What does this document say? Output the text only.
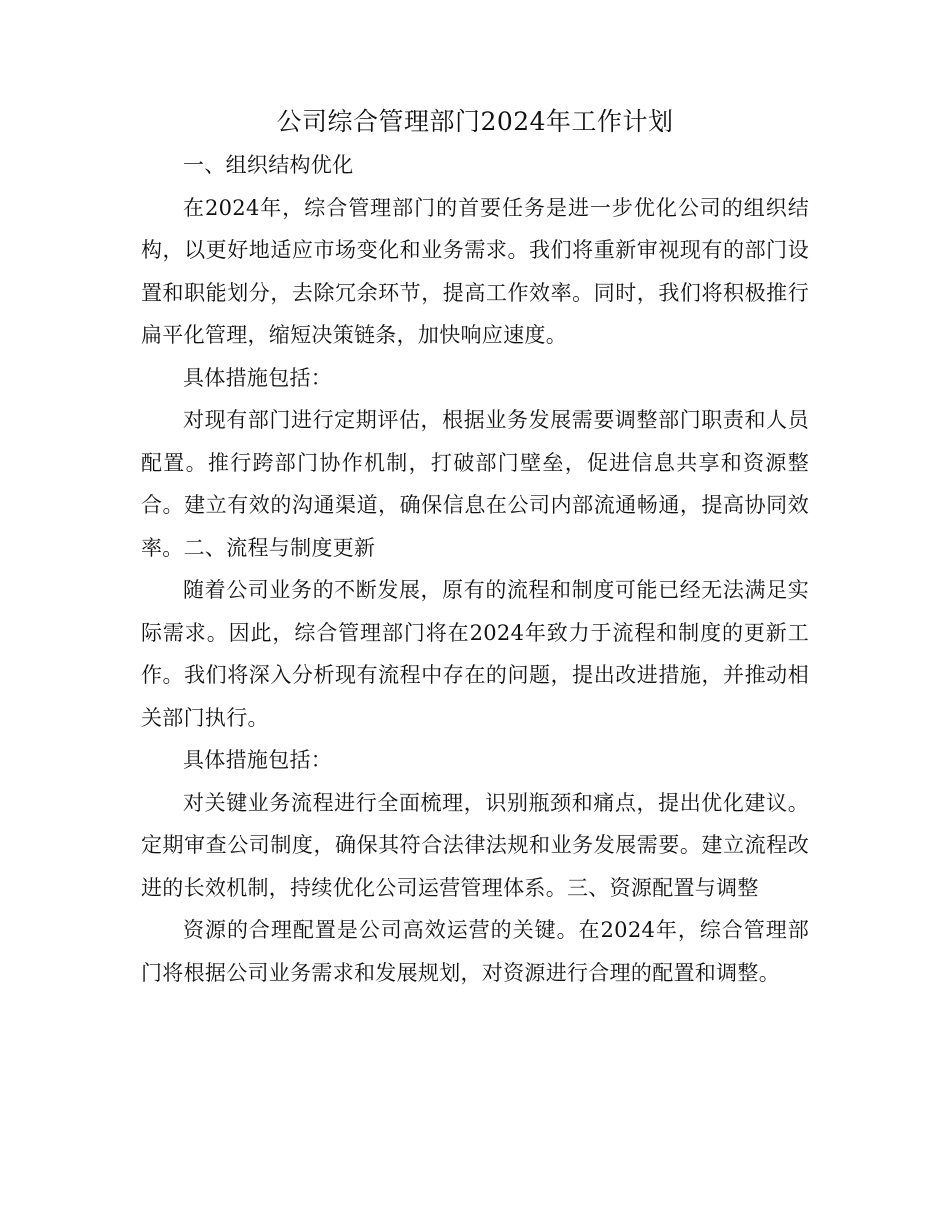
公司综合管理部门2024年工作计划

一、组织结构优化

在2024年，综合管理部门的首要任务是进一步优化公司的组织结构，以更好地适应市场变化和业务需求。我们将重新审视现有的部门设置和职能划分，去除冗余环节，提高工作效率。同时，我们将积极推行扁平化管理，缩短决策链条，加快响应速度。

具体措施包括：

对现有部门进行定期评估，根据业务发展需要调整部门职责和人员配置。推行跨部门协作机制，打破部门壁垒，促进信息共享和资源整合。建立有效的沟通渠道，确保信息在公司内部流通畅通，提高协同效率。二、流程与制度更新

随着公司业务的不断发展，原有的流程和制度可能已经无法满足实际需求。因此，综合管理部门将在2024年致力于流程和制度的更新工作。我们将深入分析现有流程中存在的问题，提出改进措施，并推动相关部门执行。

具体措施包括：

对关键业务流程进行全面梳理，识别瓶颈和痛点，提出优化建议。定期审查公司制度，确保其符合法律法规和业务发展需要。建立流程改进的长效机制，持续优化公司运营管理体系。三、资源配置与调整

资源的合理配置是公司高效运营的关键。在2024年，综合管理部门将根据公司业务需求和发展规划，对资源进行合理的配置和调整。
